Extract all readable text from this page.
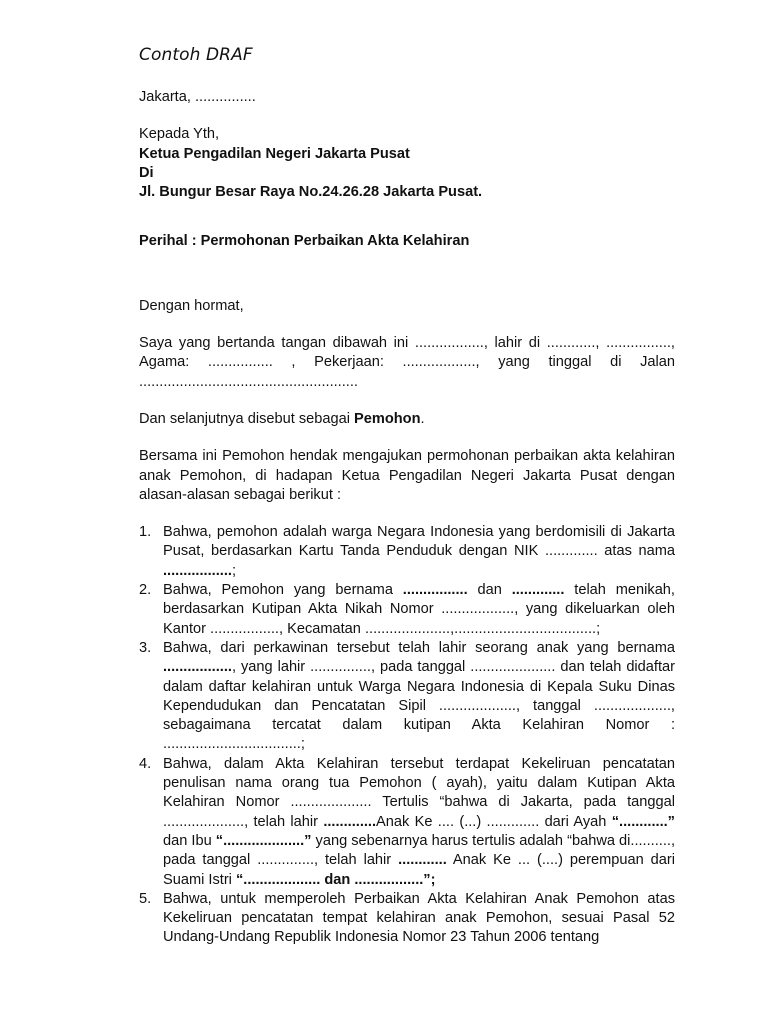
Contoh DRAF

Jakarta, ...............

Kepada Yth,

Ketua Pengadilan Negeri Jakarta Pusat

Di

Jl. Bungur Besar Raya No.24.26.28 Jakarta Pusat.

Perihal : Permohonan Perbaikan Akta Kelahiran

Dengan hormat,

Saya yang bertanda tangan dibawah ini ................., lahir di ............, ................, Agama: ................ , Pekerjaan: .................., yang tinggal di Jalan ......................................................

Dan selanjutnya disebut sebagai Pemohon.

Bersama ini Pemohon hendak mengajukan permohonan perbaikan akta kelahiran anak Pemohon, di hadapan Ketua Pengadilan Negeri Jakarta Pusat dengan alasan-alasan sebagai berikut :

1. Bahwa, pemohon adalah warga Negara Indonesia yang berdomisili di Jakarta Pusat, berdasarkan Kartu Tanda Penduduk dengan NIK ............. atas nama .................;
2. Bahwa, Pemohon yang bernama ................ dan ............. telah menikah, berdasarkan Kutipan Akta Nikah Nomor .................., yang dikeluarkan oleh Kantor ................., Kecamatan .....................,...................................;
3. Bahwa, dari perkawinan tersebut telah lahir seorang anak yang bernama ................., yang lahir ..............., pada tanggal ..................... dan telah didaftar dalam daftar kelahiran untuk Warga Negara Indonesia di Kepala Suku Dinas Kependudukan dan Pencatatan Sipil ..................., tanggal ..................., sebagaimana tercatat dalam kutipan Akta Kelahiran Nomor : ..................................;
4. Bahwa, dalam Akta Kelahiran tersebut terdapat Kekeliruan pencatatan penulisan nama orang tua Pemohon ( ayah), yaitu dalam Kutipan Akta Kelahiran Nomor .................... Tertulis “bahwa di Jakarta, pada tanggal ...................., telah lahir .............Anak Ke .... (...) ............. dari Ayah “............” dan Ibu “....................” yang sebenarnya harus tertulis adalah “bahwa di.........., pada tanggal .............., telah lahir ............ Anak Ke ... (....) perempuan dari Suami Istri “................... dan .................”;
5. Bahwa, untuk memperoleh Perbaikan Akta Kelahiran Anak Pemohon atas Kekeliruan pencatatan tempat kelahiran anak Pemohon, sesuai Pasal 52 Undang-Undang Republik Indonesia Nomor 23 Tahun 2006 tentang
